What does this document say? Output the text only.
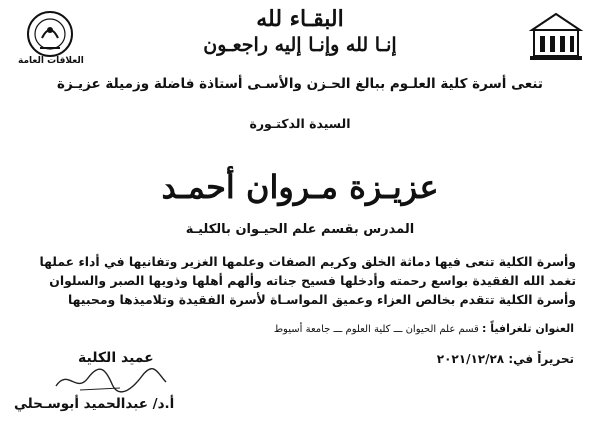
العلاقات العامة
البقـاء لله
إنـا لله وإنـا إليه راجعـون
تنعى أسرة كلية العلـوم ببالغ الحـزن والأسـى أستاذة فاضلة وزميلة عزيـزة
السيدة الدكتـورة
عزيـزة مـروان أحمـد
المدرس بقسم علم الحيـوان بالكليـة
وأسرة الكلية تنعى فيها دماثة الخلق وكريم الصفات وعلمها الغزير وتفانيها في أداء عملها
تغمد الله الفقيدة بواسع رحمته وأدخلها فسيح جناته وألهم أهلها وذويها الصبر والسلوان
وأسرة الكلية تتقدم بخالص العزاء وعميق المواسـاة لأسرة الفقيدة وتلاميذها ومحبيها
العنوان تلغرافياً : قسم علم الحيوان ـــ كلية العلوم ـــ جامعة أسيوط
تحريراً في: ٢٠٢١/١٢/٢٨
عميد الكلية
أ.د/ عبدالحميد أبوسـحلي
